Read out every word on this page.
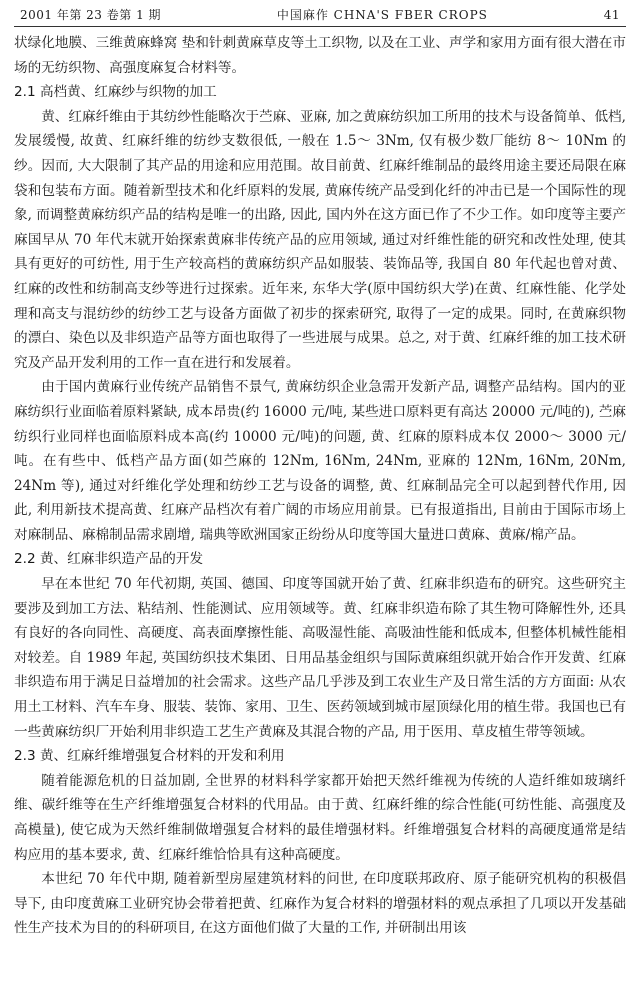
2001 年第 23 卷第 1 期	中国麻作 CHNA'S FBER CROPS	41

状绿化地膜、三维黄麻蜂窝 垫和针刺黄麻草皮等土工织物, 以及在工业、声学和家用方面有很大潜在市场的无纺织物、高强度麻复合材料等。

2.1 高档黄、红麻纱与织物的加工

黄、红麻纤维由于其纺纱性能略次于苎麻、亚麻, 加之黄麻纺织加工所用的技术与设备简单、低档, 发展缓慢, 故黄、红麻纤维的纺纱支数很低, 一般在 1.5～ 3Nm, 仅有极少数厂能纺 8～ 10Nm 的纱。因而, 大大限制了其产品的用途和应用范围。故目前黄、红麻纤维制品的最终用途主要还局限在麻袋和包装布方面。随着新型技术和化纤原料的发展, 黄麻传统产品受到化纤的冲击已是一个国际性的现象, 而调整黄麻纺织产品的结构是唯一的出路, 因此, 国内外在这方面已作了不少工作。如印度等主要产麻国早从 70 年代末就开始探索黄麻非传统产品的应用领域, 通过对纤维性能的研究和改性处理, 使其具有更好的可纺性, 用于生产较高档的黄麻纺织产品如服装、装饰品等, 我国自 80 年代起也曾对黄、红麻的改性和纺制高支纱等进行过探索。近年来, 东华大学(原中国纺织大学)在黄、红麻性能、化学处理和高支与混纺纱的纺纱工艺与设备方面做了初步的探索研究, 取得了一定的成果。同时, 在黄麻织物的漂白、染色以及非织造产品等方面也取得了一些进展与成果。总之, 对于黄、红麻纤维的加工技术研究及产品开发利用的工作一直在进行和发展着。

由于国内黄麻行业传统产品销售不景气, 黄麻纺织企业急需开发新产品, 调整产品结构。国内的亚麻纺织行业面临着原料紧缺, 成本昂贵(约 16000 元/吨, 某些进口原料更有高达 20000 元/吨的), 苎麻纺织行业同样也面临原料成本高(约 10000 元/吨)的问题, 黄、红麻的原料成本仅 2000～ 3000 元/吨。在有些中、低档产品方面(如苎麻的 12Nm, 16Nm, 24Nm, 亚麻的 12Nm, 16Nm, 20Nm, 24Nm 等), 通过对纤维化学处理和纺纱工艺与设备的调整, 黄、红麻制品完全可以起到替代作用, 因此, 利用新技术提高黄、红麻产品档次有着广阔的市场应用前景。已有报道指出, 目前由于国际市场上对麻制品、麻棉制品需求剧增, 瑞典等欧洲国家正纷纷从印度等国大量进口黄麻、黄麻/棉产品。

2.2 黄、红麻非织造产品的开发

早在本世纪 70 年代初期, 英国、德国、印度等国就开始了黄、红麻非织造布的研究。这些研究主要涉及到加工方法、粘结剂、性能测试、应用领域等。黄、红麻非织造布除了其生物可降解性外, 还具有良好的各向同性、高硬度、高表面摩擦性能、高吸湿性能、高吸油性能和低成本, 但整体机械性能相对较差。自 1989 年起, 英国纺织技术集团、日用品基金组织与国际黄麻组织就开始合作开发黄、红麻非织造布用于满足日益增加的社会需求。这些产品几乎涉及到工农业生产及日常生活的方方面面: 从农用土工材料、汽车车身、服装、装饰、家用、卫生、医药领域到城市屋顶绿化用的植生带。我国也已有一些黄麻纺织厂开始利用非织造工艺生产黄麻及其混合物的产品, 用于医用、草皮植生带等领域。

2.3 黄、红麻纤维增强复合材料的开发和利用

随着能源危机的日益加剧, 全世界的材料科学家都开始把天然纤维视为传统的人造纤维如玻璃纤维、碳纤维等在生产纤维增强复合材料的代用品。由于黄、红麻纤维的综合性能(可纺性能、高强度及高模量), 使它成为天然纤维制做增强复合材料的最佳增强材料。纤维增强复合材料的高硬度通常是结构应用的基本要求, 黄、红麻纤维恰恰具有这种高硬度。

本世纪 70 年代中期, 随着新型房屋建筑材料的问世, 在印度联邦政府、原子能研究机构的积极倡导下, 由印度黄麻工业研究协会带着把黄、红麻作为复合材料的增强材料的观点承担了几项以开发基础性生产技术为目的的科研项目, 在这方面他们做了大量的工作, 并研制出用该
